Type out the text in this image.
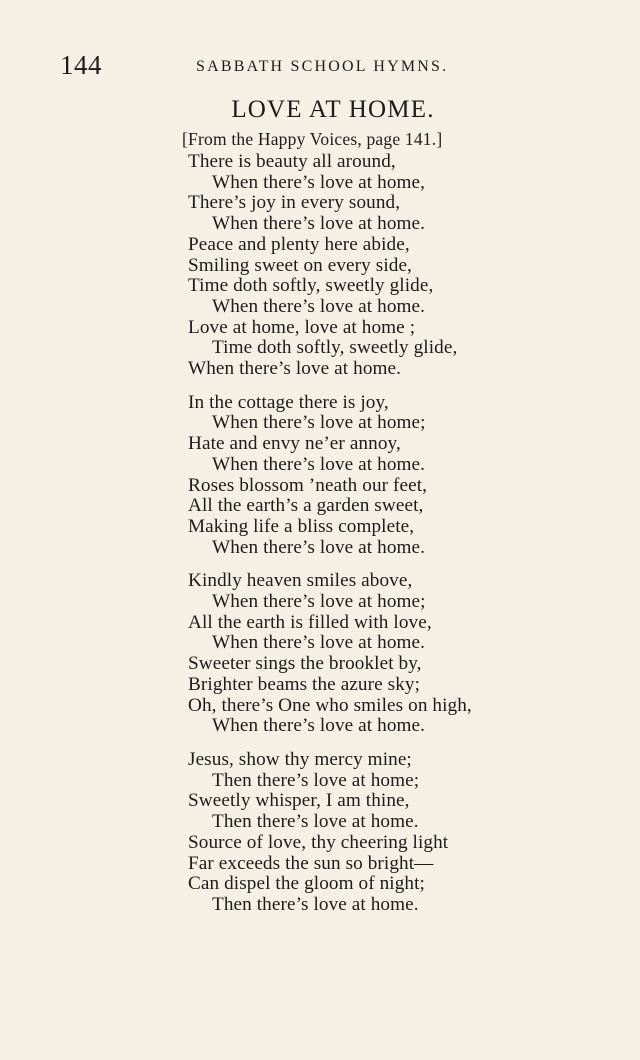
144	SABBATH SCHOOL HYMNS.
LOVE AT HOME.
[From the Happy Voices, page 141.]
There is beauty all around,
When there’s love at home,
There’s joy in every sound,
When there’s love at home.
Peace and plenty here abide,
Smiling sweet on every side,
Time doth softly, sweetly glide,
When there’s love at home.
Love at home, love at home ;
Time doth softly, sweetly glide,
When there’s love at home.
In the cottage there is joy,
When there’s love at home;
Hate and envy ne’er annoy,
When there’s love at home.
Roses blossom ’neath our feet,
All the earth’s a garden sweet,
Making life a bliss complete,
When there’s love at home.
Kindly heaven smiles above,
When there’s love at home;
All the earth is filled with love,
When there’s love at home.
Sweeter sings the brooklet by,
Brighter beams the azure sky;
Oh, there’s One who smiles on high,
When there’s love at home.
Jesus, show thy mercy mine;
Then there’s love at home;
Sweetly whisper, I am thine,
Then there’s love at home.
Source of love, thy cheering light
Far exceeds the sun so bright—
Can dispel the gloom of night;
Then there’s love at home.
